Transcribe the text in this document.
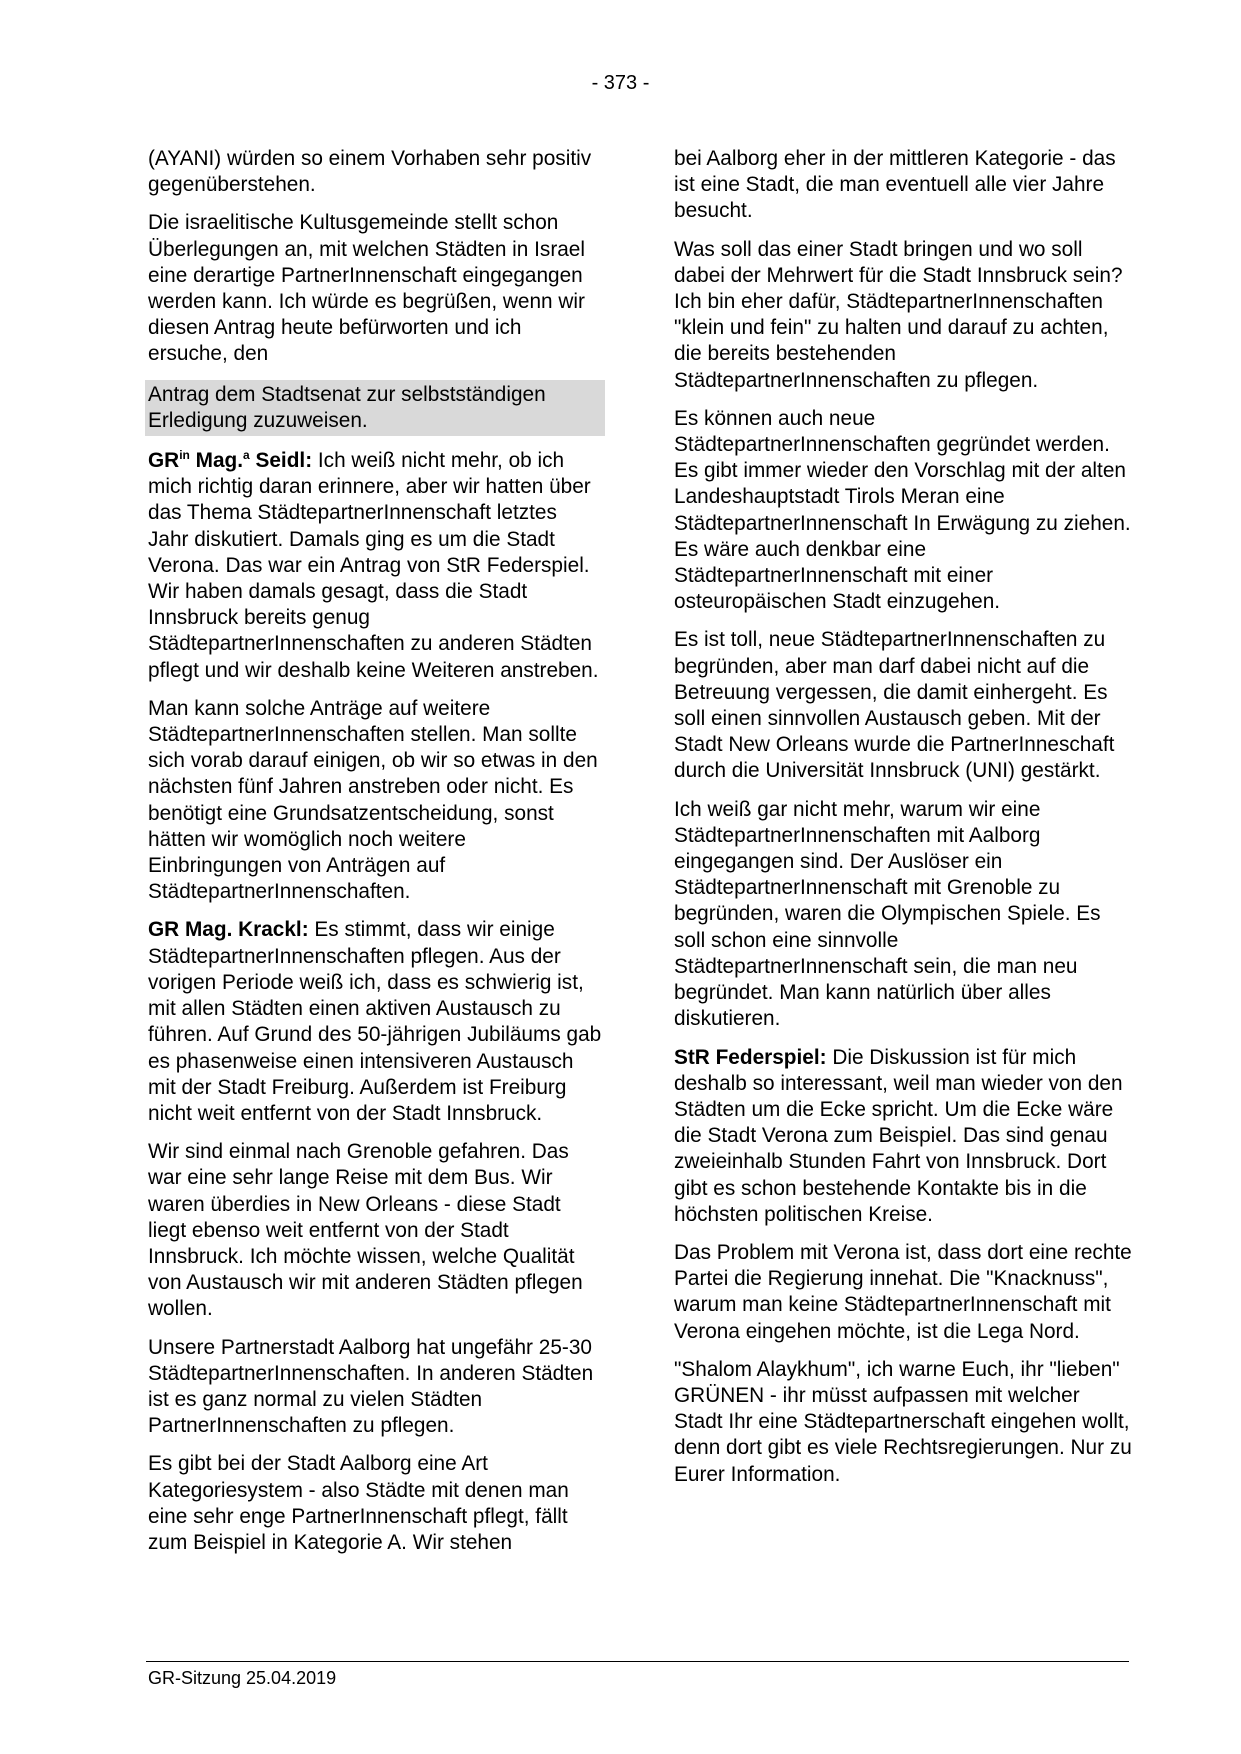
- 373 -

(AYANI) würden so einem Vorhaben sehr positiv gegenüberstehen.

Die israelitische Kultusgemeinde stellt schon Überlegungen an, mit welchen Städten in Israel eine derartige PartnerInnenschaft eingegangen werden kann. Ich würde es begrüßen, wenn wir diesen Antrag heute befürworten und ich ersuche, den

Antrag dem Stadtsenat zur selbstständigen Erledigung zuzuweisen.

$GR^{in}$ Mag.$^a$ Seidl: Ich weiß nicht mehr, ob ich mich richtig daran erinnere, aber wir hatten über das Thema StädtepartnerInnenschaft letztes Jahr diskutiert. Damals ging es um die Stadt Verona. Das war ein Antrag von StR Federspiel. Wir haben damals gesagt, dass die Stadt Innsbruck bereits genug StädtepartnerInnenschaften zu anderen Städten pflegt und wir deshalb keine Weiteren anstreben.

Man kann solche Anträge auf weitere StädtepartnerInnenschaften stellen. Man sollte sich vorab darauf einigen, ob wir so etwas in den nächsten fünf Jahren anstreben oder nicht. Es benötigt eine Grundsatzentscheidung, sonst hätten wir womöglich noch weitere Einbringungen von Anträgen auf StädtepartnerInnenschaften.

GR Mag. Krackl: Es stimmt, dass wir einige StädtepartnerInnenschaften pflegen. Aus der vorigen Periode weiß ich, dass es schwierig ist, mit allen Städten einen aktiven Austausch zu führen. Auf Grund des 50-jährigen Jubiläums gab es phasenweise einen intensiveren Austausch mit der Stadt Freiburg. Außerdem ist Freiburg nicht weit entfernt von der Stadt Innsbruck.

Wir sind einmal nach Grenoble gefahren. Das war eine sehr lange Reise mit dem Bus. Wir waren überdies in New Orleans - diese Stadt liegt ebenso weit entfernt von der Stadt Innsbruck. Ich möchte wissen, welche Qualität von Austausch wir mit anderen Städten pflegen wollen.

Unsere Partnerstadt Aalborg hat ungefähr 25-30 StädtepartnerInnenschaften. In anderen Städten ist es ganz normal zu vielen Städten PartnerInnenschaften zu pflegen.

Es gibt bei der Stadt Aalborg eine Art Kategoriesystem - also Städte mit denen man eine sehr enge PartnerInnenschaft pflegt, fällt zum Beispiel in Kategorie A. Wir stehen

bei Aalborg eher in der mittleren Kategorie - das ist eine Stadt, die man eventuell alle vier Jahre besucht.

Was soll das einer Stadt bringen und wo soll dabei der Mehrwert für die Stadt Innsbruck sein? Ich bin eher dafür, StädtepartnerInnenschaften "klein und fein" zu halten und darauf zu achten, die bereits bestehenden StädtepartnerInnenschaften zu pflegen.

Es können auch neue StädtepartnerInnenschaften gegründet werden. Es gibt immer wieder den Vorschlag mit der alten Landeshauptstadt Tirols Meran eine StädtepartnerInnenschaft In Erwägung zu ziehen. Es wäre auch denkbar eine StädtepartnerInnenschaft mit einer osteuropäischen Stadt einzugehen.

Es ist toll, neue StädtepartnerInnenschaften zu begründen, aber man darf dabei nicht auf die Betreuung vergessen, die damit einhergeht. Es soll einen sinnvollen Austausch geben. Mit der Stadt New Orleans wurde die PartnerInneschaft durch die Universität Innsbruck (UNI) gestärkt.

Ich weiß gar nicht mehr, warum wir eine StädtepartnerInnenschaften mit Aalborg eingegangen sind. Der Auslöser ein StädtepartnerInnenschaft mit Grenoble zu begründen, waren die Olympischen Spiele. Es soll schon eine sinnvolle StädtepartnerInnenschaft sein, die man neu begründet. Man kann natürlich über alles diskutieren.

StR Federspiel: Die Diskussion ist für mich deshalb so interessant, weil man wieder von den Städten um die Ecke spricht. Um die Ecke wäre die Stadt Verona zum Beispiel. Das sind genau zweieinhalb Stunden Fahrt von Innsbruck. Dort gibt es schon bestehende Kontakte bis in die höchsten politischen Kreise.

Das Problem mit Verona ist, dass dort eine rechte Partei die Regierung innehat. Die "Knacknuss", warum man keine StädtepartnerInnenschaft mit Verona eingehen möchte, ist die Lega Nord.

"Shalom Alaykhum", ich warne Euch, ihr "lieben" GRÜNEN - ihr müsst aufpassen mit welcher Stadt Ihr eine Städtepartnerschaft eingehen wollt, denn dort gibt es viele Rechtsregierungen. Nur zu Eurer Information.

GR-Sitzung 25.04.2019
